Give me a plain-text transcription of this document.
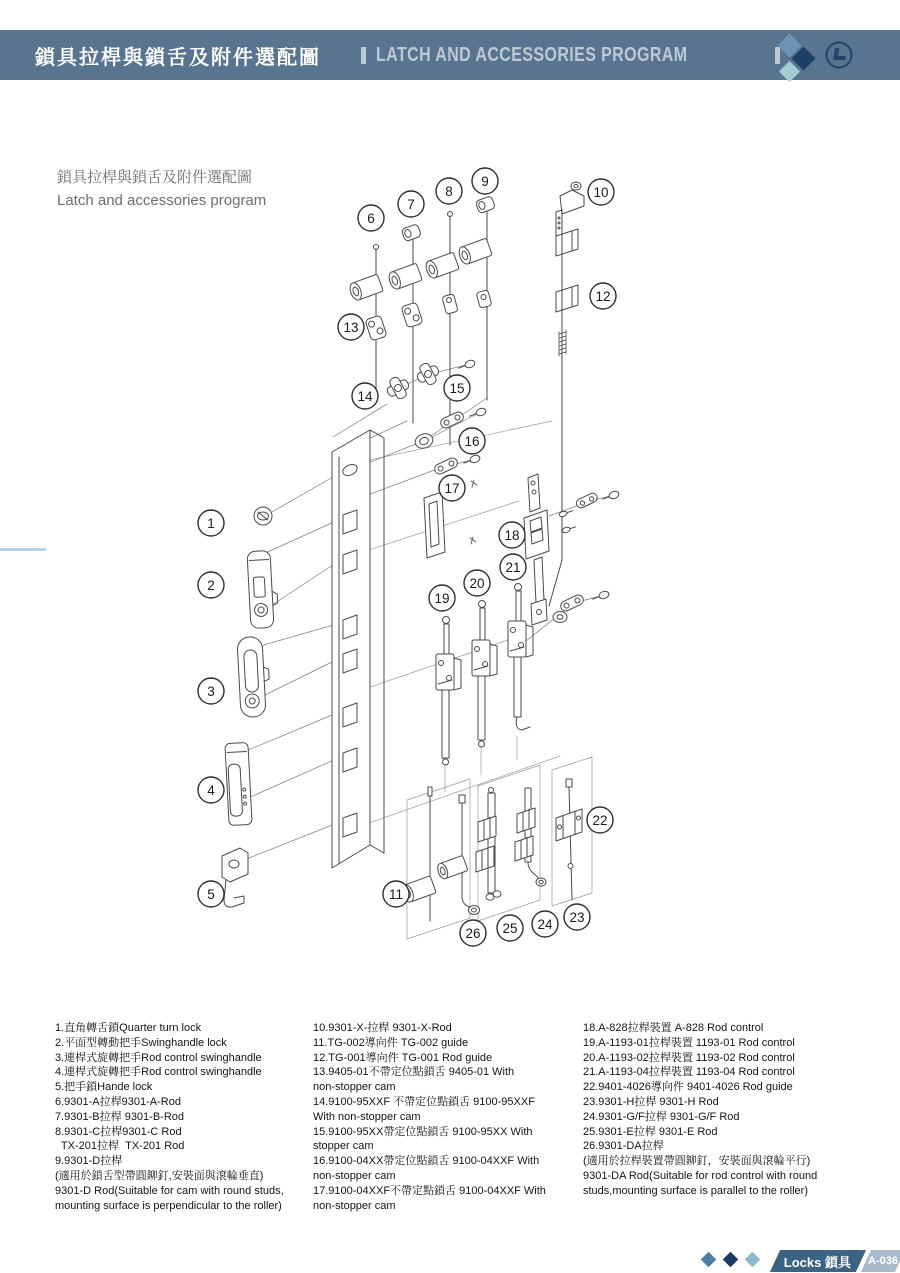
鎖具拉桿與鎖舌及附件選配圖	LATCH AND ACCESSORIES PROGRAM
鎖具拉桿與鎖舌及附件選配圖
Latch and accessories program
1
2
3
4
5
6
7
8
9
10
11
12
13
14
15
16
17
18
19
20
21
22
23
24
25
26
1.直角轉舌鎖Quarter turn lock
2.平面型轉動把手Swinghandle lock
3.連桿式旋轉把手Rod control swinghandle
4.連桿式旋轉把手Rod control swinghandle
5.把手鎖Hande lock
6.9301-A拉桿9301-A-Rod
7.9301-B拉桿 9301-B-Rod
8.9301-C拉桿9301-C Rod
TX-201拉桿  TX-201 Rod
9.9301-D拉桿
(適用於鎖舌型帶圓鉚釘,安裝面與滾輪垂直)
9301-D Rod(Suitable for cam with round studs,
mounting surface is perpendicular to the roller)
10.9301-X-拉桿 9301-X-Rod
11.TG-002導向件 TG-002 guide
12.TG-001導向件 TG-001 Rod guide
13.9405-01不帶定位點鎖舌 9405-01 With
non-stopper cam
14.9100-95XXF 不帶定位點鎖舌 9100-95XXF
With non-stopper cam
15.9100-95XX帶定位點鎖舌 9100-95XX With
stopper cam
16.9100-04XX帶定位點鎖舌 9100-04XXF With
non-stopper cam
17.9100-04XXF不帶定點鎖舌 9100-04XXF With
non-stopper cam
18.A-828拉桿裝置 A-828 Rod control
19.A-1193-01拉桿裝置 1193-01 Rod control
20.A-1193-02拉桿裝置 1193-02 Rod control
21.A-1193-04拉桿裝置 1193-04 Rod control
22.9401-4026導向件 9401-4026 Rod guide
23.9301-H拉桿 9301-H Rod
24.9301-G/F拉桿 9301-G/F Rod
25.9301-E拉桿 9301-E Rod
26.9301-DA拉桿
(適用於拉桿裝置帶圓鉚釘，安裝面與滾輪平行)
9301-DA Rod(Suitable for rod control with round
studs,mounting surface is parallel to the roller)
Locks 鎖具 A-036
